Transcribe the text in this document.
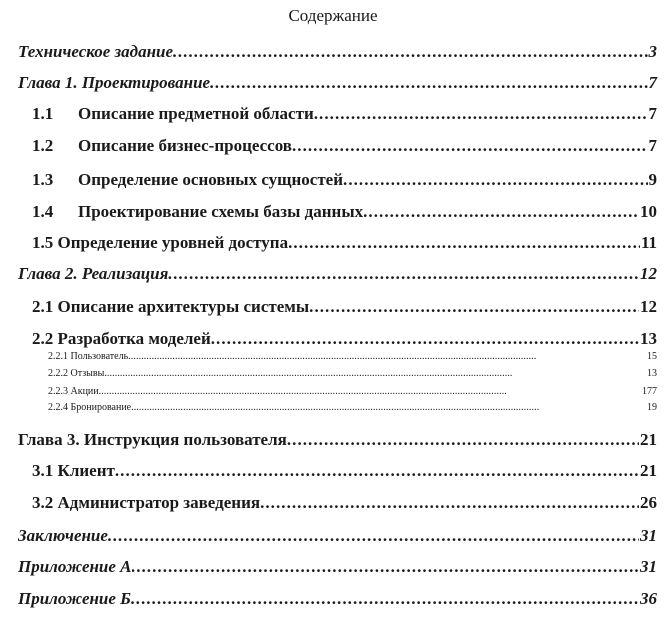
Содержание
Техническое задание . . .	3
Глава 1. Проектирование . . .	7
1.1 Описание предметной области . . .	7
1.2 Описание бизнес-процессов . . .	7
1.3 Определение основных сущностей . . .	9
1.4 Проектирование схемы базы данных . . .	10
1.5 Определение уровней доступа . . .	11
Глава 2. Реализация . . .	12
2.1 Описание архитектуры системы . . .	12
2.2 Разработка моделей . . .	13
2.2.1 Пользователь . . .	15
2.2.2 Отзывы . . .	13
2.2.3 Акции . . .	177
2.2.4 Бронирование . . .	19
Глава 3. Инструкция пользователя . . .	21
3.1 Клиент . . .	21
3.2 Администратор заведения . . .	26
Заключение . . .	31
Приложение А . . .	31
Приложение Б . . .	36
